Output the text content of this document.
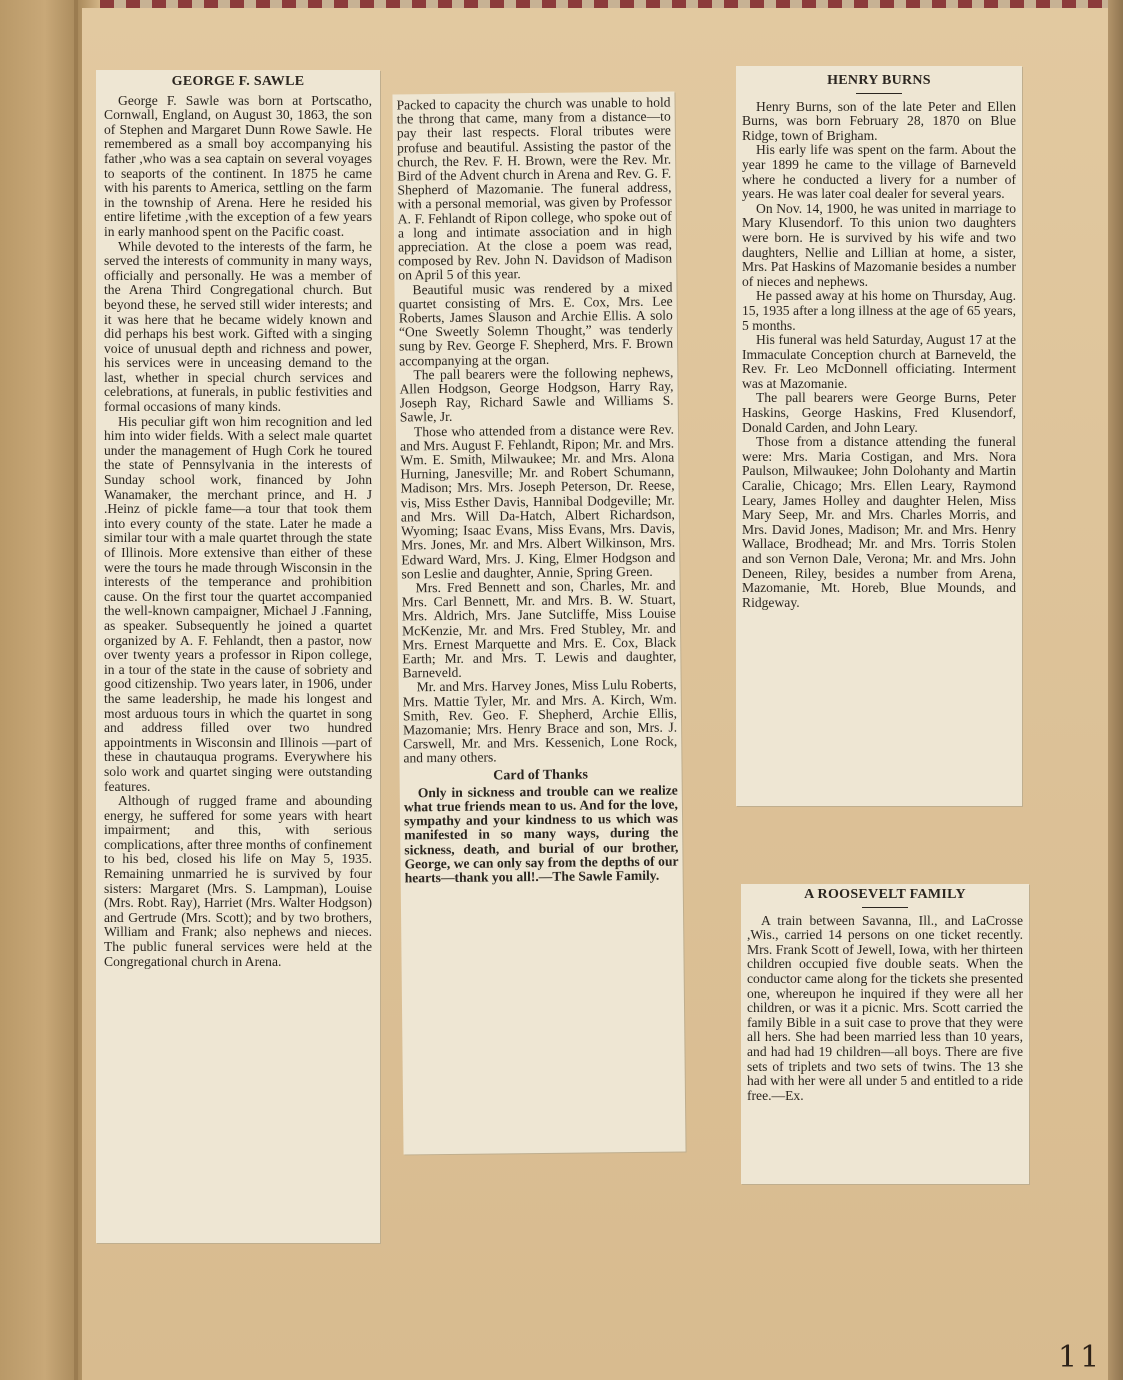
GEORGE F. SAWLE

George F. Sawle was born at Portscatho, Cornwall, England, on August 30, 1863, the son of Stephen and Margaret Dunn Rowe Sawle. He remembered as a small boy accompanying his father ,who was a sea captain on several voyages to seaports of the continent. In 1875 he came with his parents to America, settling on the farm in the township of Arena. Here he resided his entire lifetime ,with the exception of a few years in early manhood spent on the Pacific coast.

While devoted to the interests of the farm, he served the interests of community in many ways, officially and personally. He was a member of the Arena Third Congregational church. But beyond these, he served still wider interests; and it was here that he became widely known and did perhaps his best work. Gifted with a singing voice of unusual depth and richness and power, his services were in unceasing demand to the last, whether in special church services and celebrations, at funerals, in public festivities and formal occasions of many kinds.

His peculiar gift won him recognition and led him into wider fields. With a select male quartet under the management of Hugh Cork he toured the state of Pennsylvania in the interests of Sunday school work, financed by John Wanamaker, the merchant prince, and H. J .Heinz of pickle fame—a tour that took them into every county of the state. Later he made a similar tour with a male quartet through the state of Illinois. More extensive than either of these were the tours he made through Wisconsin in the interests of the temperance and prohibition cause. On the first tour the quartet accompanied the well-known campaigner, Michael J .Fanning, as speaker. Subsequently he joined a quartet organized by A. F. Fehlandt, then a pastor, now over twenty years a professor in Ripon college, in a tour of the state in the cause of sobriety and good citizenship. Two years later, in 1906, under the same leadership, he made his longest and most arduous tours in which the quartet in song and address filled over two hundred appointments in Wisconsin and Illinois —part of these in chautauqua programs. Everywhere his solo work and quartet singing were outstanding features.

Although of rugged frame and abounding energy, he suffered for some years with heart impairment; and this, with serious complications, after three months of confinement to his bed, closed his life on May 5, 1935. Remaining unmarried he is survived by four sisters: Margaret (Mrs. S. Lampman), Louise (Mrs. Robt. Ray), Harriet (Mrs. Walter Hodgson) and Gertrude (Mrs. Scott); and by two brothers, William and Frank; also nephews and nieces. The public funeral services were held at the Congregational church in Arena.

Packed to capacity the church was unable to hold the throng that came, many from a distance—to pay their last respects. Floral tributes were profuse and beautiful. Assisting the pastor of the church, the Rev. F. H. Brown, were the Rev. Mr. Bird of the Advent church in Arena and Rev. G. F. Shepherd of Mazomanie. The funeral address, with a personal memorial, was given by Professor A. F. Fehlandt of Ripon college, who spoke out of a long and intimate association and in high appreciation. At the close a poem was read, composed by Rev. John N. Davidson of Madison on April 5 of this year.

Beautiful music was rendered by a mixed quartet consisting of Mrs. E. Cox, Mrs. Lee Roberts, James Slauson and Archie Ellis. A solo “One Sweetly Solemn Thought,” was tenderly sung by Rev. George F. Shepherd, Mrs. F. Brown accompanying at the organ.

The pall bearers were the following nephews, Allen Hodgson, George Hodgson, Harry Ray, Joseph Ray, Richard Sawle and Williams S. Sawle, Jr.

Those who attended from a distance were Rev. and Mrs. August F. Fehlandt, Ripon; Mr. and Mrs. Wm. E. Smith, Milwaukee; Mr. and Mrs. Alona Hurning, Janesville; Mr. and Robert Schumann, Madison; Mrs. Mrs. Joseph Peterson, Dr. Reese, vis, Miss Esther Davis, Hannibal Dodgeville; Mr. and Mrs. Will Da-Hatch, Albert Richardson, Wyoming; Isaac Evans, Miss Evans, Mrs. Davis, Mrs. Jones, Mr. and Mrs. Albert Wilkinson, Mrs. Edward Ward, Mrs. J. King, Elmer Hodgson and son Leslie and daughter, Annie, Spring Green.

Mrs. Fred Bennett and son, Charles, Mr. and Mrs. Carl Bennett, Mr. and Mrs. B. W. Stuart, Mrs. Aldrich, Mrs. Jane Sutcliffe, Miss Louise McKenzie, Mr. and Mrs. Fred Stubley, Mr. and Mrs. Ernest Marquette and Mrs. E. Cox, Black Earth; Mr. and Mrs. T. Lewis and daughter, Barneveld.

Mr. and Mrs. Harvey Jones, Miss Lulu Roberts, Mrs. Mattie Tyler, Mr. and Mrs. A. Kirch, Wm. Smith, Rev. Geo. F. Shepherd, Archie Ellis, Mazomanie; Mrs. Henry Brace and son, Mrs. J. Carswell, Mr. and Mrs. Kessenich, Lone Rock, and many others.

Card of Thanks

Only in sickness and trouble can we realize what true friends mean to us. And for the love, sympathy and your kindness to us which was manifested in so many ways, during the sickness, death, and burial of our brother, George, we can only say from the depths of our hearts—thank you all!.—The Sawle Family.

HENRY BURNS

Henry Burns, son of the late Peter and Ellen Burns, was born February 28, 1870 on Blue Ridge, town of Brigham.

His early life was spent on the farm. About the year 1899 he came to the village of Barneveld where he conducted a livery for a number of years. He was later coal dealer for several years.

On Nov. 14, 1900, he was united in marriage to Mary Klusendorf. To this union two daughters were born. He is survived by his wife and two daughters, Nellie and Lillian at home, a sister, Mrs. Pat Haskins of Mazomanie besides a number of nieces and nephews.

He passed away at his home on Thursday, Aug. 15, 1935 after a long illness at the age of 65 years, 5 months.

His funeral was held Saturday, August 17 at the Immaculate Conception church at Barneveld, the Rev. Fr. Leo McDonnell officiating. Interment was at Mazomanie.

The pall bearers were George Burns, Peter Haskins, George Haskins, Fred Klusendorf, Donald Carden, and John Leary.

Those from a distance attending the funeral were: Mrs. Maria Costigan, and Mrs. Nora Paulson, Milwaukee; John Dolohanty and Martin Caralie, Chicago; Mrs. Ellen Leary, Raymond Leary, James Holley and daughter Helen, Miss Mary Seep, Mr. and Mrs. Charles Morris, and Mrs. David Jones, Madison; Mr. and Mrs. Henry Wallace, Brodhead; Mr. and Mrs. Torris Stolen and son Vernon Dale, Verona; Mr. and Mrs. John Deneen, Riley, besides a number from Arena, Mazomanie, Mt. Horeb, Blue Mounds, and Ridgeway.

A ROOSEVELT FAMILY

A train between Savanna, Ill., and LaCrosse ,Wis., carried 14 persons on one ticket recently. Mrs. Frank Scott of Jewell, Iowa, with her thirteen children occupied five double seats. When the conductor came along for the tickets she presented one, whereupon he inquired if they were all her children, or was it a picnic. Mrs. Scott carried the family Bible in a suit case to prove that they were all hers. She had been married less than 10 years, and had had 19 children—all boys. There are five sets of triplets and two sets of twins. The 13 she had with her were all under 5 and entitled to a ride free.—Ex.

11
